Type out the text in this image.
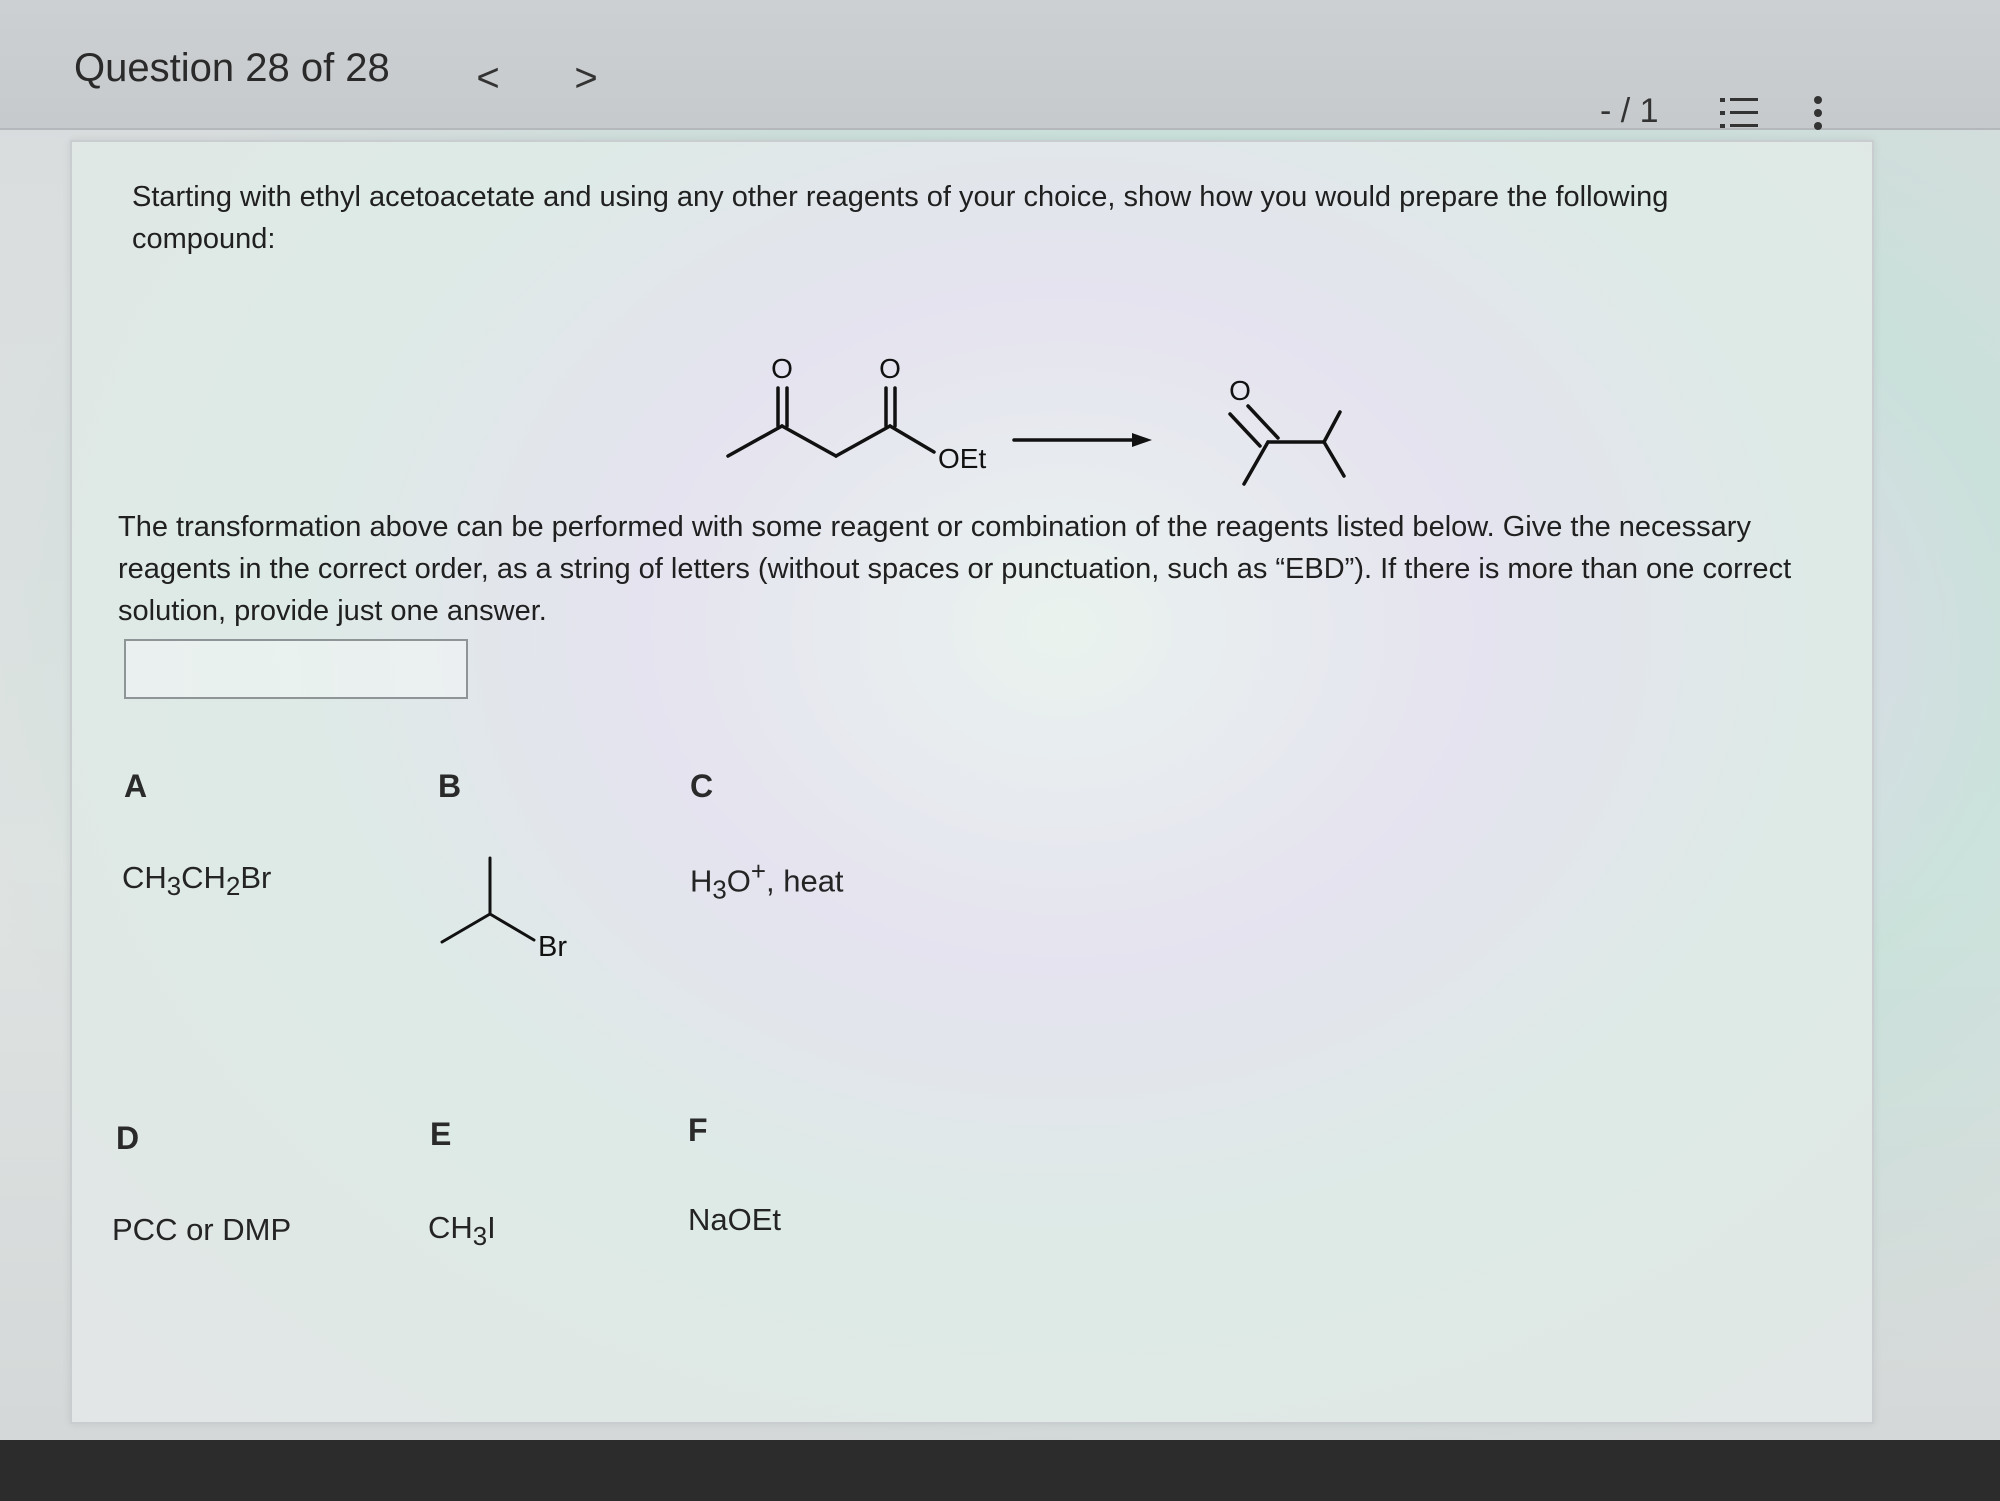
Question 28 of 28 < >
- / 1
Starting with ethyl acetoacetate and using any other reagents of your choice, show how you would prepare the following compound:
O	O
OEt
O
The transformation above can be performed with some reagent or combination of the reagents listed below. Give the necessary reagents in the correct order, as a string of letters (without spaces or punctuation, such as “EBD”). If there is more than one correct solution, provide just one answer.
A
$CH_3CH_2Br$
B
Br
C
$H_3O^+$, heat
D
PCC or DMP
E
$CH_3I$
F
NaOEt
